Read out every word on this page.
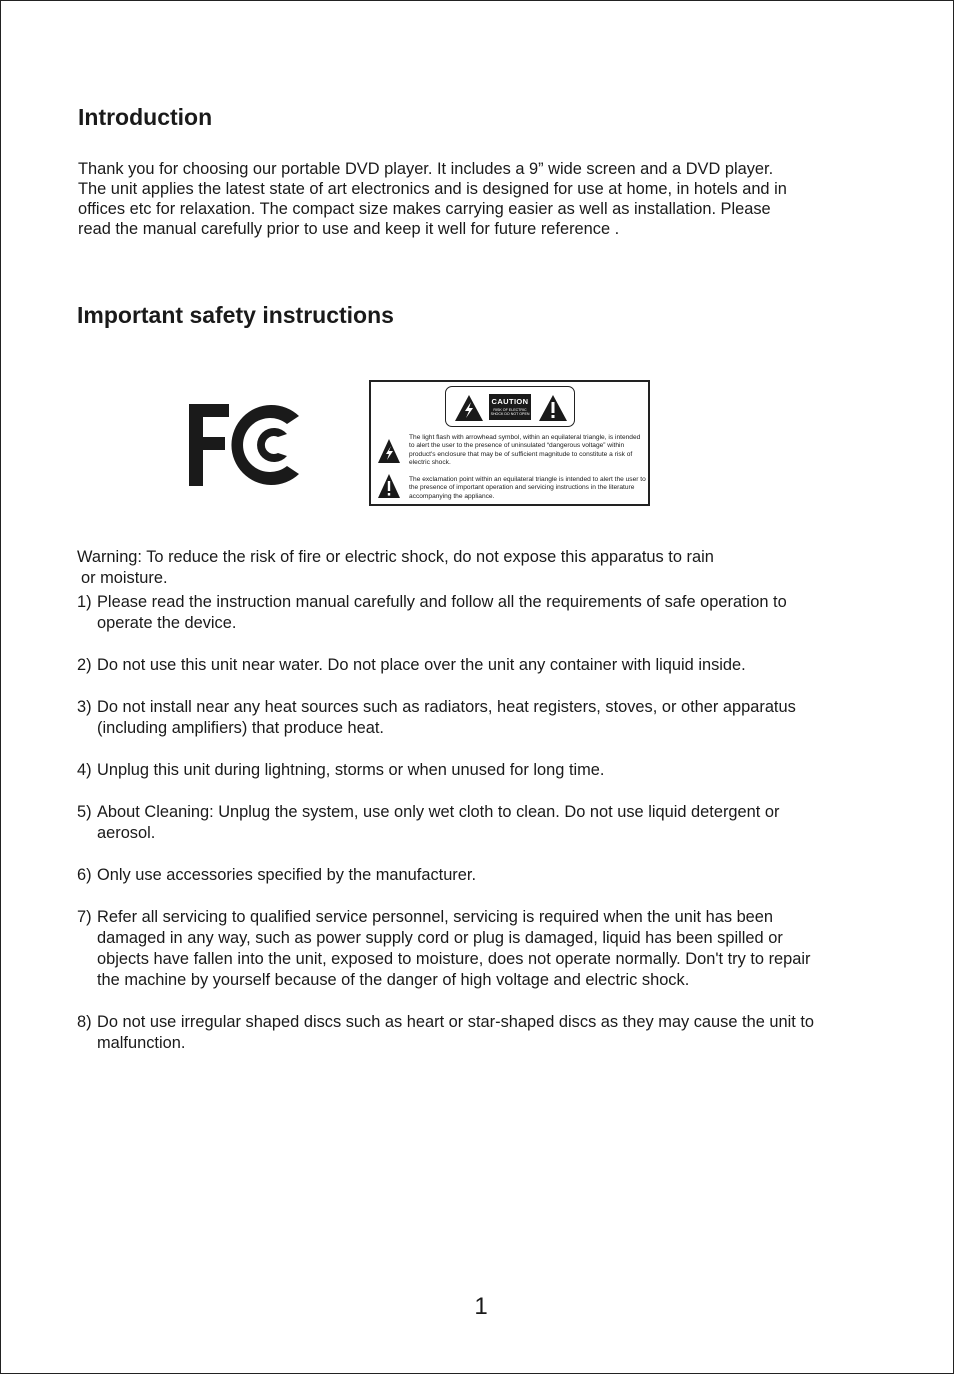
Introduction

Thank you for choosing our portable DVD player. It includes a 9” wide screen and a DVD player. The unit applies the latest state of art electronics and is designed for use at home, in hotels and in offices etc for relaxation. The compact size makes carrying easier as well as installation. Please read the manual carefully prior to use and keep it well for future reference .

Important safety instructions
CAUTION
RISK OF ELECTRIC SHOCK DO NOT OPEN

The light flash with arrowhead symbol, within an equilateral triangle, is intended to alert the user to the presence of uninsulated “dangerous voltage” within product's enclosure that may be of sufficient magnitude to constitute a risk of electric shock.

The exclamation point within an equilateral triangle is intended to alert the user to the presence of important operation and servicing instructions in the literature accompanying the appliance.

Warning: To reduce the risk of fire or electric shock, do not expose this apparatus to rain
or moisture.
1) Please read the instruction manual carefully and follow all the requirements of safe operation to operate the device.
2) Do not use this unit near water. Do not place over the unit any container with liquid inside.
3) Do not install near any heat sources such as radiators, heat registers, stoves, or other apparatus (including amplifiers) that produce heat.
4) Unplug this unit during lightning, storms or when unused for long time.
5) About Cleaning: Unplug the system, use only wet cloth to clean. Do not use liquid detergent or aerosol.
6) Only use accessories specified by the manufacturer.
7) Refer all servicing to qualified service personnel, servicing is required when the unit has been damaged in any way, such as power supply cord or plug is damaged, liquid has been spilled or objects have fallen into the unit, exposed to moisture, does not operate normally. Don't try to repair the machine by yourself because of the danger of high voltage and electric shock.
8) Do not use irregular shaped discs such as heart or star-shaped discs as they may cause the unit to malfunction.
1
